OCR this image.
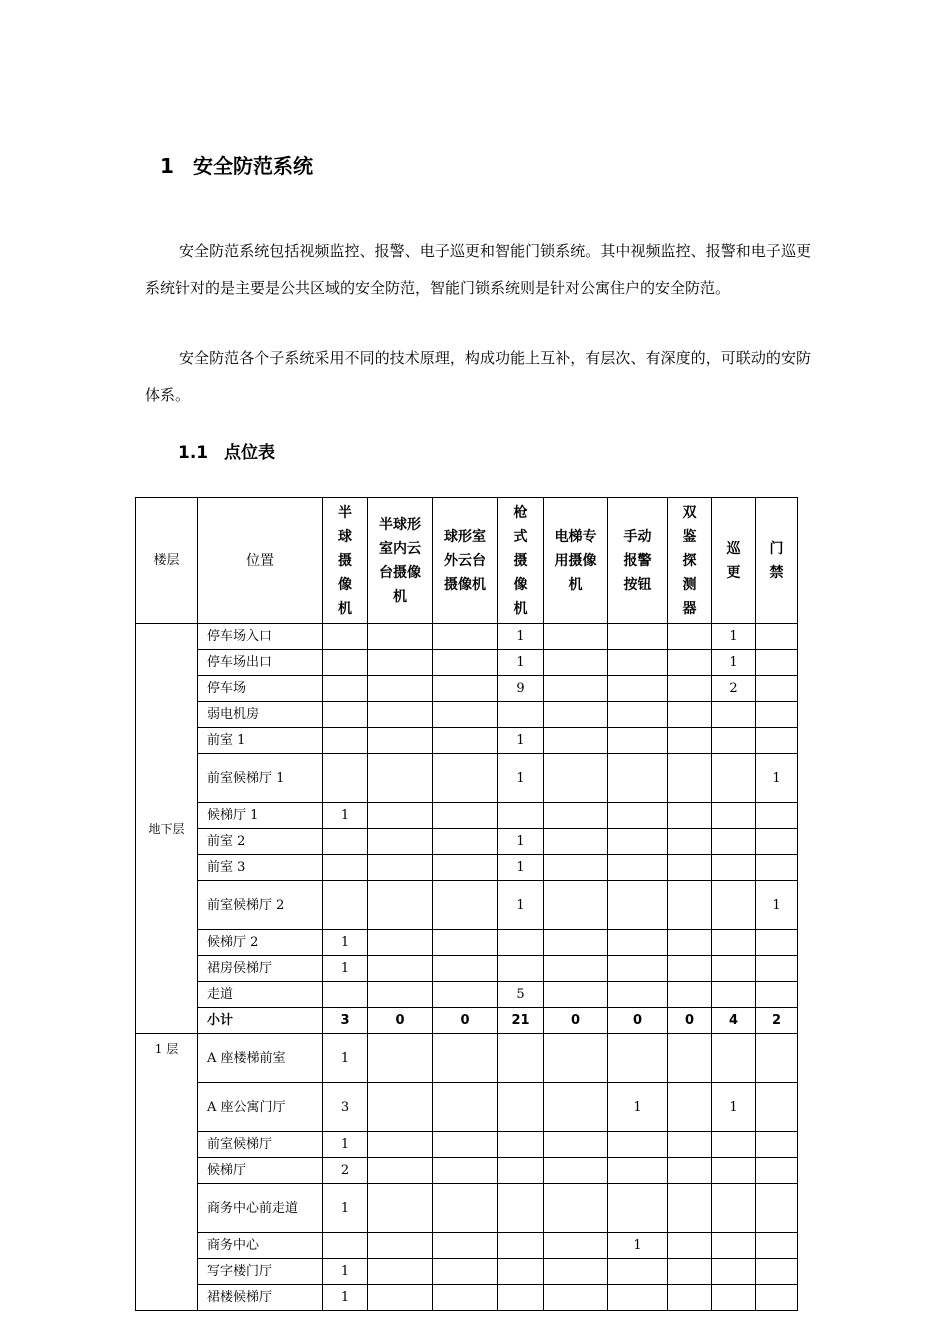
1 安全防范系统

安全防范系统包括视频监控、报警、电子巡更和智能门锁系统。其中视频监控、报警和电子巡更系统针对的是主要是公共区域的安全防范，智能门锁系统则是针对公寓住户的安全防范。

安全防范各个子系统采用不同的技术原理，构成功能上互补，有层次、有深度的，可联动的安防体系。

1.1 点位表
楼层	位置	半球摄像机	半球形室内云台摄像机	球形室外云台摄像机	枪式摄像机	电梯专用摄像机	手动报警按钮	双鉴探测器	巡更	门禁

地下层	停车场入口				1				1	
	停车场出口				1				1	
	停车场				9				2	
	弱电机房									
	前室 1				1					
	前室候梯厅 1				1					1
	候梯厅 1	1								
	前室 2				1					
	前室 3				1					
	前室候梯厅 2				1					1
	候梯厅 2	1								
	裙房侯梯厅	1								
	走道				5					
	小计	3	0	0	21	0	0	0	4	2
1 层	A 座楼梯前室	1								
	A 座公寓门厅	3					1		1	
	前室候梯厅	1								
	候梯厅	2								
	商务中心前走道	1								
	商务中心						1			
	写字楼门厅	1								
	裙楼候梯厅	1								
